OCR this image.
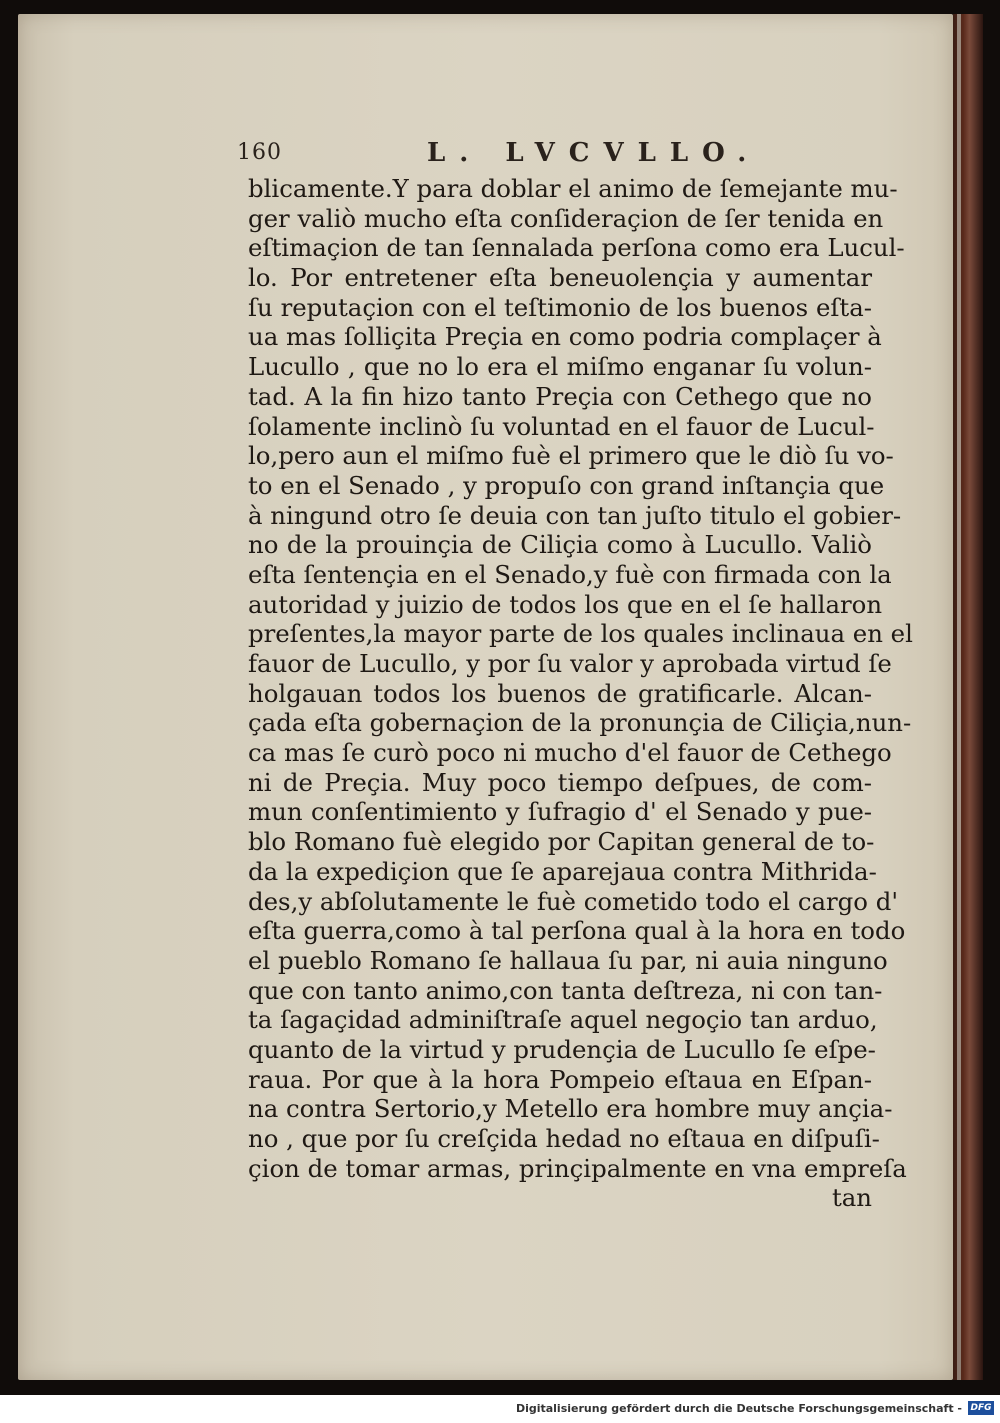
160	L. LVCVLLO.
blicamente.Y para doblar el animo de ſemejante mu-
ger valiò mucho eſta conſideraçion de ſer tenida en
eſtimaçion de tan ſennalada perſona como era Lucul-
lo. Por entretener eſta beneuolençia y aumentar
ſu reputaçion con el teſtimonio de los buenos eſta-
ua mas ſolliçita Preçia en como podria complaçer à
Lucullo , que no lo era el miſmo enganar ſu volun-
tad. A la fin hizo tanto Preçia con Cethego que no
ſolamente inclinò ſu voluntad en el fauor de Lucul-
lo,pero aun el miſmo fuè el primero que le diò ſu vo-
to en el Senado , y propuſo con grand inſtançia que
à ningund otro ſe deuia con tan juſto titulo el gobier-
no de la prouinçia de Ciliçia como à Lucullo. Valiò
eſta ſentençia en el Senado,y fuè con firmada con la
autoridad y juizio de todos los que en el ſe hallaron
preſentes,la mayor parte de los quales inclinaua en el
fauor de Lucullo, y por ſu valor y aprobada virtud ſe
holgauan todos los buenos de gratificarle. Alcan-
çada eſta gobernaçion de la pronunçia de Ciliçia,nun-
ca mas ſe curò poco ni mucho d'el fauor de Cethego
ni de Preçia. Muy poco tiempo deſpues, de com-
mun conſentimiento y ſufragio d' el Senado y pue-
blo Romano fuè elegido por Capitan general de to-
da la expediçion que ſe aparejaua contra Mithrida-
des,y abſolutamente le fuè cometido todo el cargo d'
eſta guerra,como à tal perſona qual à la hora en todo
el pueblo Romano ſe hallaua ſu par, ni auia ninguno
que con tanto animo,con tanta deſtreza, ni con tan-
ta ſagaçidad adminiſtraſe aquel negoçio tan arduo,
quanto de la virtud y prudençia de Lucullo ſe eſpe-
raua. Por que à la hora Pompeio eſtaua en Eſpan-
na contra Sertorio,y Metello era hombre muy ançia-
no , que por ſu creſçida hedad no eſtaua en diſpuſi-
çion de tomar armas, prinçipalmente en vna empreſa
tan
Digitalisierung gefördert durch die Deutsche Forschungsgemeinschaft - DFG
